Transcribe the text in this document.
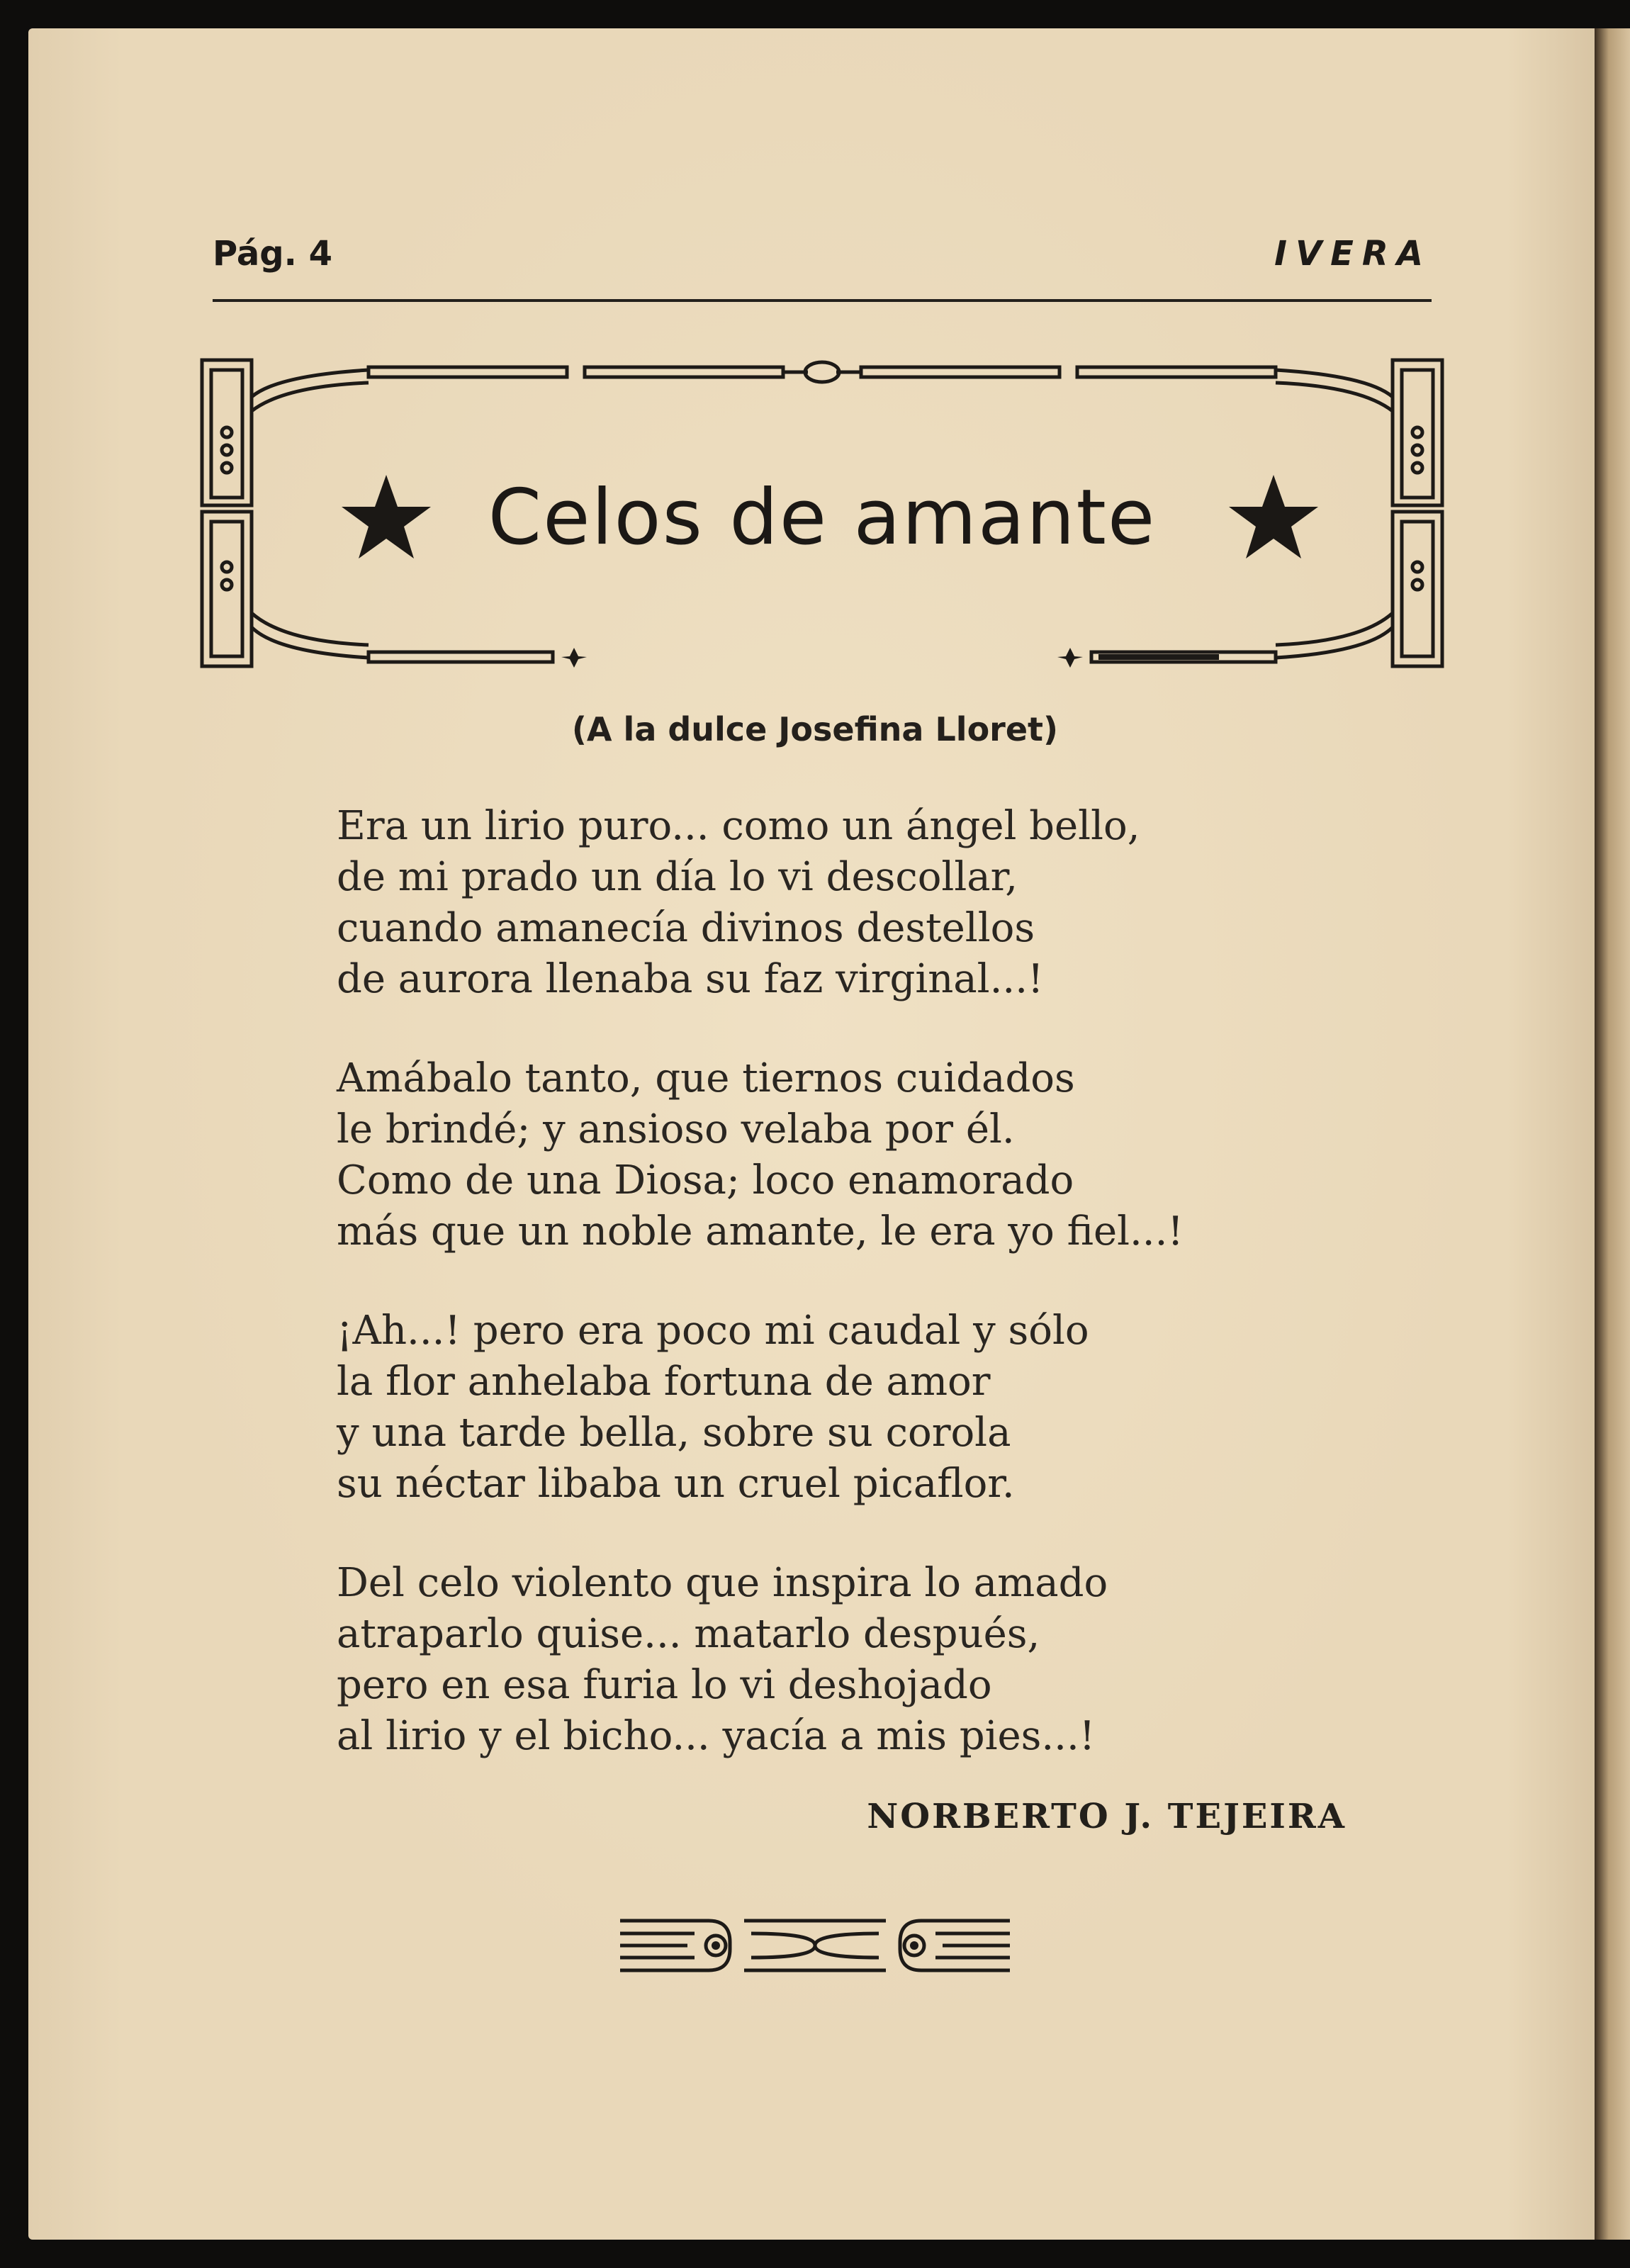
Pág. 4	IVERA
Celos de amante
(A la dulce Josefina Lloret)
Era un lirio puro... como un ángel bello,
de mi prado un día lo vi descollar,
cuando amanecía divinos destellos
de aurora llenaba su faz virginal...!
Amábalo tanto, que tiernos cuidados
le brindé; y ansioso velaba por él.
Como de una Diosa; loco enamorado
más que un noble amante, le era yo fiel...!
¡Ah...! pero era poco mi caudal y sólo
la flor anhelaba fortuna de amor
y una tarde bella, sobre su corola
su néctar libaba un cruel picaflor.
Del celo violento que inspira lo amado
atraparlo quise... matarlo después,
pero en esa furia lo vi deshojado
al lirio y el bicho... yacía a mis pies...!
NORBERTO J. TEJEIRA
